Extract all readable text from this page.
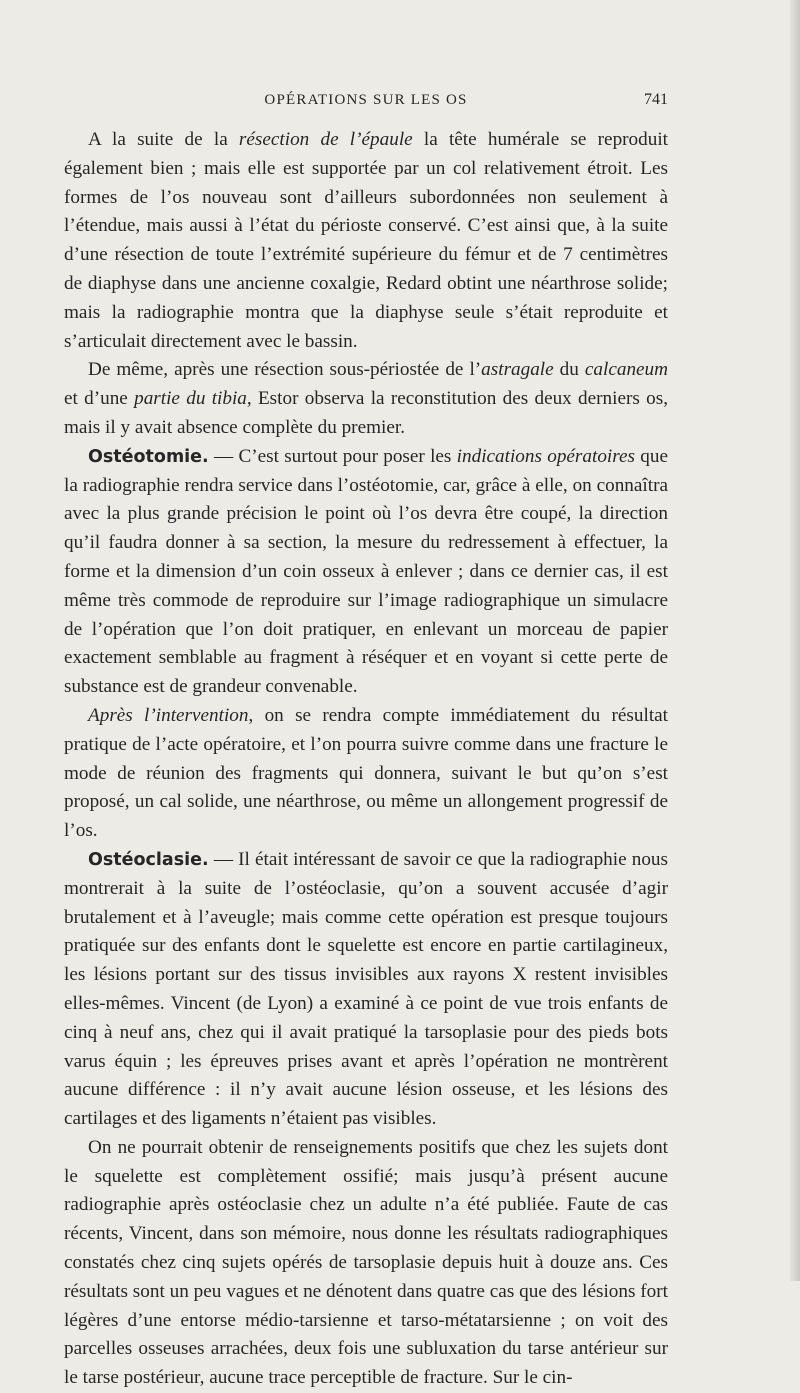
OPÉRATIONS SUR LES OS	741

A la suite de la résection de l’épaule la tête humérale se reproduit également bien ; mais elle est supportée par un col relativement étroit. Les formes de l’os nouveau sont d’ailleurs subordonnées non seulement à l’étendue, mais aussi à l’état du périoste conservé. C’est ainsi que, à la suite d’une résection de toute l’extrémité supérieure du fémur et de 7 centimètres de diaphyse dans une ancienne coxalgie, Redard obtint une néarthrose solide; mais la radiographie montra que la diaphyse seule s’était reproduite et s’articulait directement avec le bassin.

De même, après une résection sous-périostée de l’astragale du calcaneum et d’une partie du tibia, Estor observa la reconstitution des deux derniers os, mais il y avait absence complète du premier.

Ostéotomie. — C’est surtout pour poser les indications opératoires que la radiographie rendra service dans l’ostéotomie, car, grâce à elle, on connaîtra avec la plus grande précision le point où l’os devra être coupé, la direction qu’il faudra donner à sa section, la mesure du redressement à effectuer, la forme et la dimension d’un coin osseux à enlever ; dans ce dernier cas, il est même très commode de reproduire sur l’image radiographique un simulacre de l’opération que l’on doit pratiquer, en enlevant un morceau de papier exactement semblable au fragment à réséquer et en voyant si cette perte de substance est de grandeur convenable.

Après l’intervention, on se rendra compte immédiatement du résultat pratique de l’acte opératoire, et l’on pourra suivre comme dans une fracture le mode de réunion des fragments qui donnera, suivant le but qu’on s’est proposé, un cal solide, une néarthrose, ou même un allongement progressif de l’os.

Ostéoclasie. — Il était intéressant de savoir ce que la radiographie nous montrerait à la suite de l’ostéoclasie, qu’on a souvent accusée d’agir brutalement et à l’aveugle; mais comme cette opération est presque toujours pratiquée sur des enfants dont le squelette est encore en partie cartilagineux, les lésions portant sur des tissus invisibles aux rayons X restent invisibles elles-mêmes. Vincent (de Lyon) a examiné à ce point de vue trois enfants de cinq à neuf ans, chez qui il avait pratiqué la tarsoplasie pour des pieds bots varus équin ; les épreuves prises avant et après l’opération ne montrèrent aucune différence : il n’y avait aucune lésion osseuse, et les lésions des cartilages et des ligaments n’étaient pas visibles.

On ne pourrait obtenir de renseignements positifs que chez les sujets dont le squelette est complètement ossifié; mais jusqu’à présent aucune radiographie après ostéoclasie chez un adulte n’a été publiée. Faute de cas récents, Vincent, dans son mémoire, nous donne les résultats radiographiques constatés chez cinq sujets opérés de tarsoplasie depuis huit à douze ans. Ces résultats sont un peu vagues et ne dénotent dans quatre cas que des lésions fort légères d’une entorse médio-tarsienne et tarso-métatarsienne ; on voit des parcelles osseuses arrachées, deux fois une subluxation du tarse antérieur sur le tarse postérieur, aucune trace perceptible de fracture. Sur le cin-
